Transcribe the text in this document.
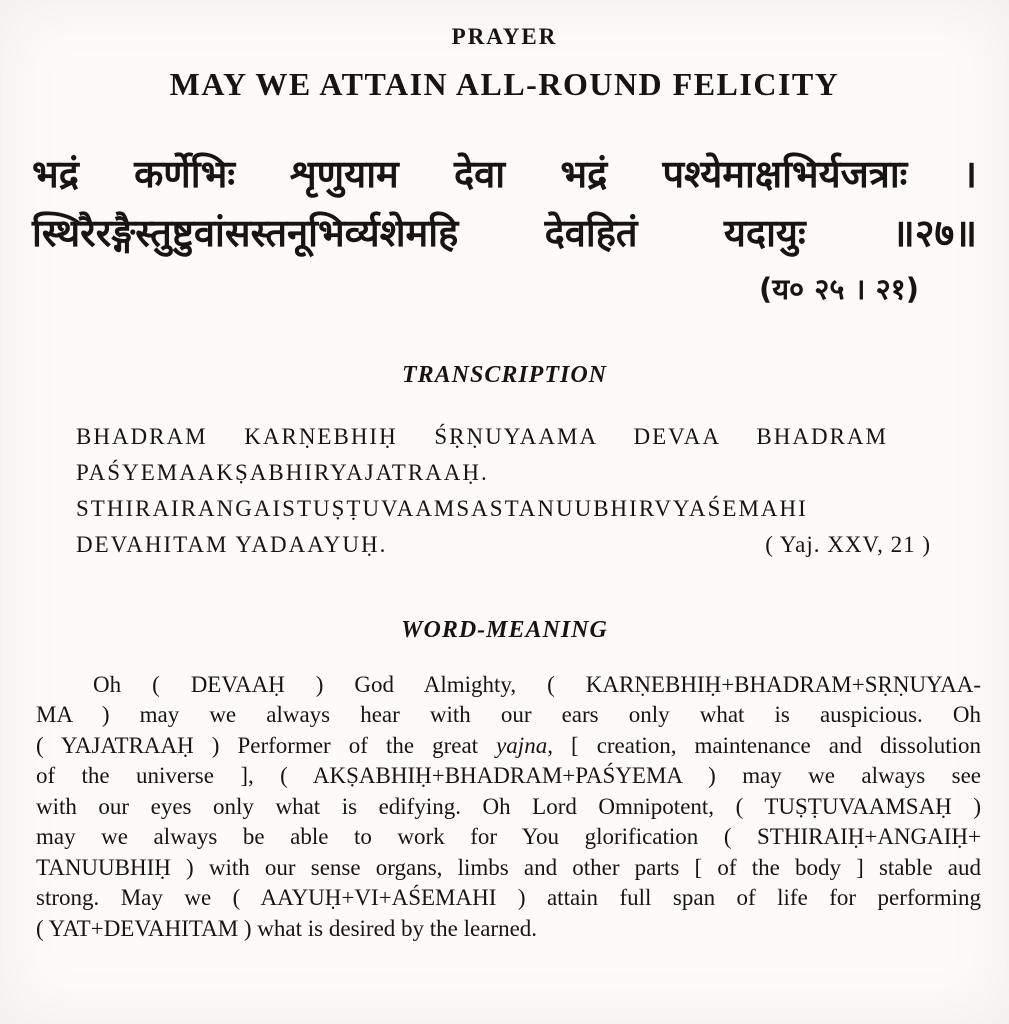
PRAYER
MAY WE ATTAIN ALL-ROUND FELICITY
भद्रं कर्णेभिः शृणुयाम देवा भद्रं पश्येमाक्षभिर्यजत्राः ।
स्थिरैरङ्गैस्तुष्टुवांसस्तनूभिर्व्यशेमहि देवहितं यदायुः ॥२७॥
(य० २५ । २१)
TRANSCRIPTION
BHADRAM KARṆEBHIḤ ŚṚṆUYAAMA DEVAA BHADRAM
PAŚYEMAAKṢABHIRYAJATRAAḤ.
STHIRAIRANGAISTUṢṬUVAAMSASTANUUBHIRVYAŚEMAHI
DEVAHITAM YADAAYUḤ.	( Yaj. XXV, 21 )
WORD-MEANING
Oh ( DEVAAḤ ) God Almighty, ( KARṆEBHIḤ+BHADRAM+SṚṆUYAA-
MA ) may we always hear with our ears only what is auspicious. Oh
( YAJATRAAḤ ) Performer of the great yajna, [ creation, maintenance and dissolution
of the universe ], ( AKṢABHIḤ+BHADRAM+PAŚYEMA ) may we always see
with our eyes only what is edifying. Oh Lord Omnipotent, ( TUṢṬUVAAMSAḤ )
may we always be able to work for You glorification ( STHIRAIḤ+ANGAIḤ+
TANUUBHIḤ ) with our sense organs, limbs and other parts [ of the body ] stable aud
strong. May we ( AAYUḤ+VI+AŚEMAHI ) attain full span of life for performing
( YAT+DEVAHITAM ) what is desired by the learned.
